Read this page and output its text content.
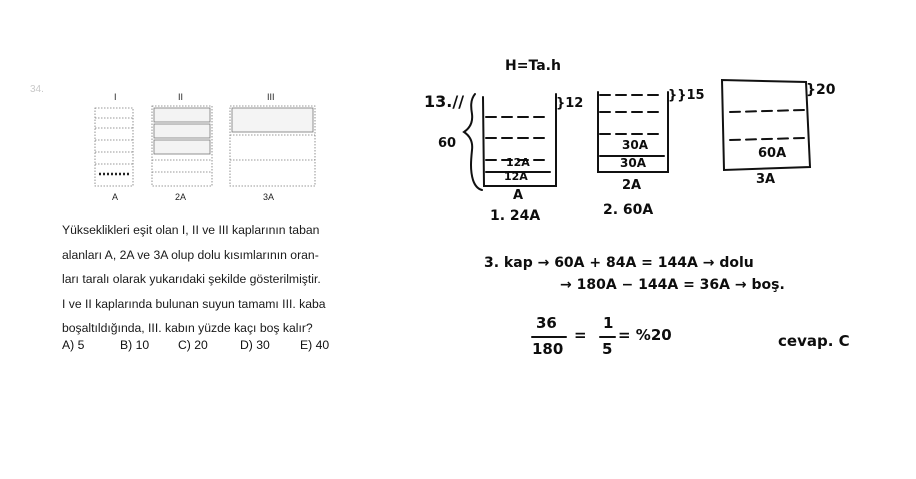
34.
I	II	III
A	2A	3A

Yükseklikleri eşit olan I, II ve III kaplarının taban

alanları A, 2A ve 3A olup dolu kısımlarının oran-

ları taralı olarak yukarıdaki şekilde gösterilmiştir.

I ve II kaplarında bulunan suyun tamamı III. kaba

boşaltıldığında, III. kabın yüzde kaçı boş kalır?

A) 5	B) 10	C) 20	D) 30	E) 40
H=Ta.h
13.//
60
}12
12A
12A
A
1. 24A
}}15
30A
30A
2A
2. 60A
}20
60A
3A
3. kap → 60A + 84A = 144A → dolu
→ 180A − 144A = 36A → boş.
36
180
=
1
5
= %20	cevap. C
